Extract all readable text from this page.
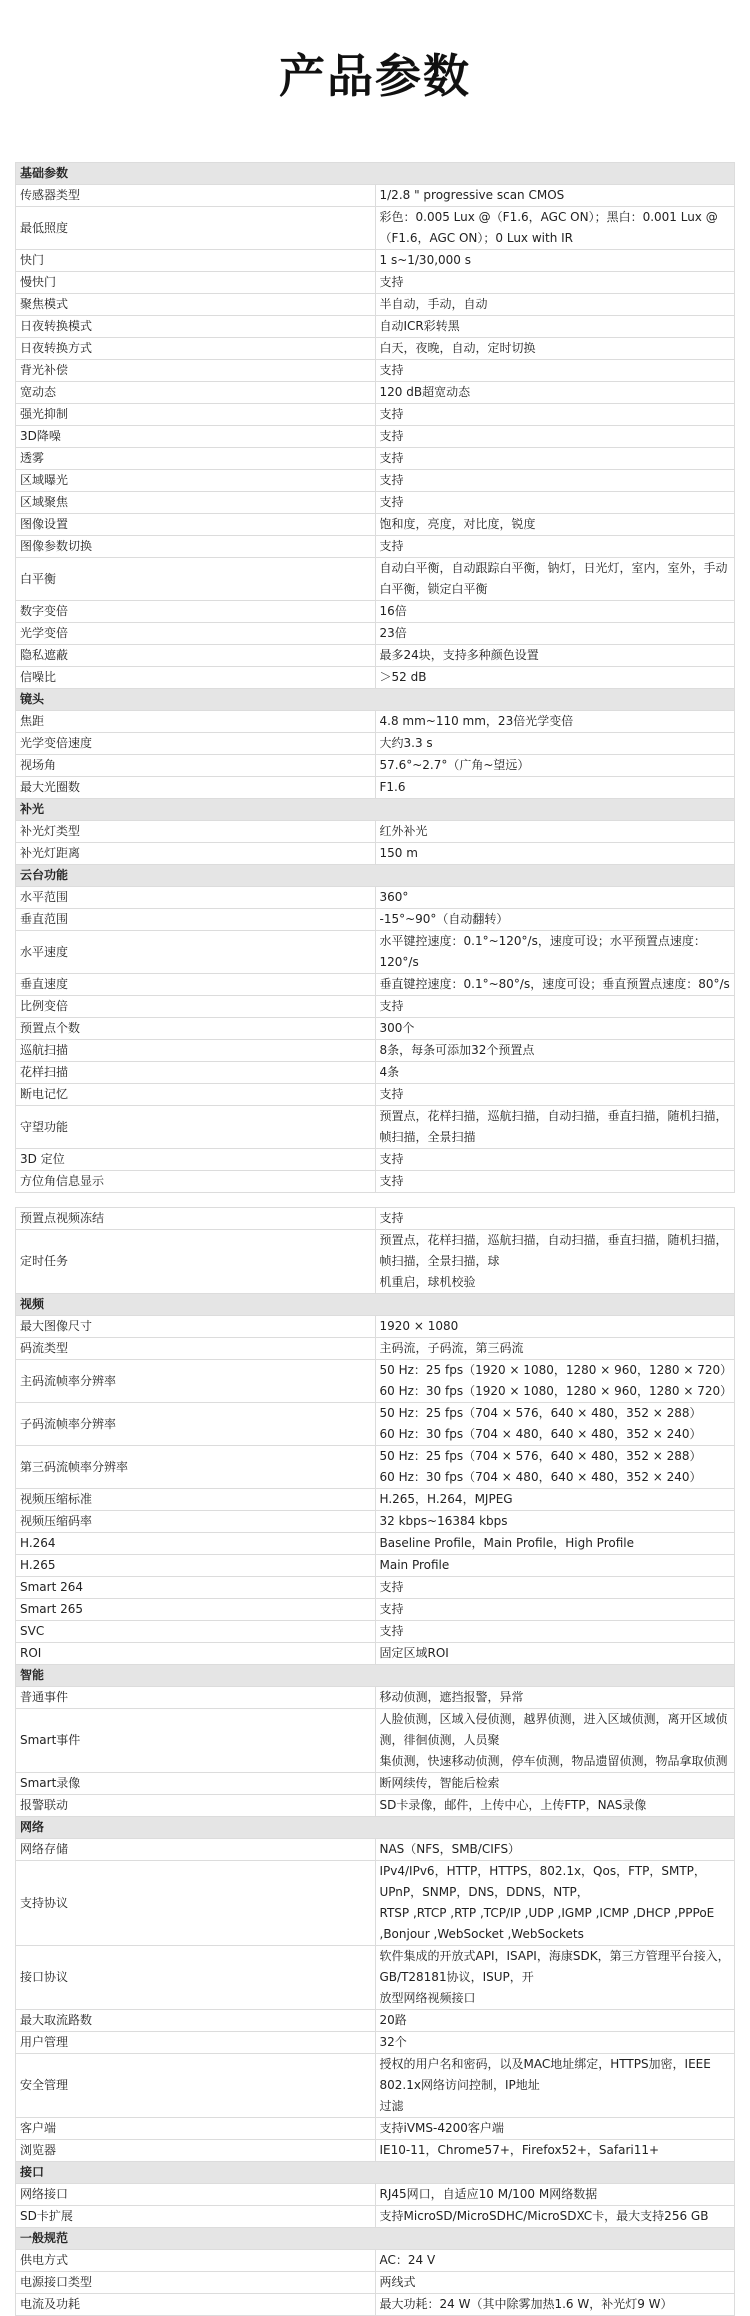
产品参数
基础参数	
传感器类型	1/2.8 " progressive scan CMOS

最低照度	彩色：0.005 Lux @（F1.6，AGC ON）；黑白：0.001 Lux @（F1.6，AGC ON）；0 Lux with IR

快门	1 s~1/30,000 s

慢快门	支持

聚焦模式	半自动，手动，自动

日夜转换模式	自动ICR彩转黑

日夜转换方式	白天，夜晚，自动，定时切换

背光补偿	支持

宽动态	120 dB超宽动态

强光抑制	支持

3D降噪	支持

透雾	支持

区域曝光	支持

区域聚焦	支持

图像设置	饱和度，亮度，对比度，锐度

图像参数切换	支持

白平衡	自动白平衡，自动跟踪白平衡，钠灯，日光灯，室内，室外，手动白平衡，锁定白平衡

数字变倍	16倍

光学变倍	23倍

隐私遮蔽	最多24块，支持多种颜色设置

信噪比	＞52 dB

镜头	
焦距	4.8 mm~110 mm，23倍光学变倍

光学变倍速度	大约3.3 s

视场角	57.6°~2.7°（广角~望远）

最大光圈数	F1.6

补光	
补光灯类型	红外补光

补光灯距离	150 m

云台功能	
水平范围	360°

垂直范围	-15°~90°（自动翻转）

水平速度	水平键控速度：0.1°~120°/s，速度可设；水平预置点速度：120°/s

垂直速度	垂直键控速度：0.1°~80°/s，速度可设；垂直预置点速度：80°/s

比例变倍	支持

预置点个数	300个

巡航扫描	8条，每条可添加32个预置点

花样扫描	4条

断电记忆	支持

守望功能	预置点，花样扫描，巡航扫描，自动扫描，垂直扫描，随机扫描，帧扫描，全景扫描

3D 定位	支持

方位角信息显示	支持

预置点视频冻结	支持

定时任务	预置点，花样扫描，巡航扫描，自动扫描，垂直扫描，随机扫描，帧扫描，全景扫描，球
机重启，球机校验

视频	
最大图像尺寸	1920 × 1080

码流类型	主码流，子码流，第三码流

主码流帧率分辨率	50 Hz：25 fps（1920 × 1080，1280 × 960，1280 × 720）
60 Hz：30 fps（1920 × 1080，1280 × 960，1280 × 720）

子码流帧率分辨率	50 Hz：25 fps（704 × 576，640 × 480，352 × 288）
60 Hz：30 fps（704 × 480，640 × 480，352 × 240）

第三码流帧率分辨率	50 Hz：25 fps（704 × 576，640 × 480，352 × 288）
60 Hz：30 fps（704 × 480，640 × 480，352 × 240）

视频压缩标准	H.265，H.264，MJPEG

视频压缩码率	32 kbps~16384 kbps

H.264	Baseline Profile，Main Profile，High Profile

H.265	Main Profile

Smart 264	支持

Smart 265	支持

SVC	支持

ROI	固定区域ROI

智能	
普通事件	移动侦测，遮挡报警，异常

Smart事件	人脸侦测，区域入侵侦测，越界侦测，进入区域侦测，离开区域侦测，徘徊侦测，人员聚
集侦测，快速移动侦测，停车侦测，物品遗留侦测，物品拿取侦测

Smart录像	断网续传，智能后检索

报警联动	SD卡录像，邮件，上传中心，上传FTP，NAS录像

网络	
网络存储	NAS（NFS，SMB/CIFS）

支持协议	IPv4/IPv6，HTTP，HTTPS，802.1x，Qos，FTP，SMTP，UPnP，SNMP，DNS，DDNS，NTP，
RTSP ,RTCP ,RTP ,TCP/IP ,UDP ,IGMP ,ICMP ,DHCP ,PPPoE ,Bonjour ,WebSocket ,WebSockets

接口协议	软件集成的开放式API，ISAPI，海康SDK，第三方管理平台接入，GB/T28181协议，ISUP，开
放型网络视频接口

最大取流路数	20路

用户管理	32个

安全管理	授权的用户名和密码，以及MAC地址绑定，HTTPS加密，IEEE 802.1x网络访问控制，IP地址
过滤

客户端	支持iVMS-4200客户端

浏览器	IE10-11，Chrome57+，Firefox52+，Safari11+

接口	
网络接口	RJ45网口，自适应10 M/100 M网络数据

SD卡扩展	支持MicroSD/MicroSDHC/MicroSDXC卡，最大支持256 GB

一般规范	
供电方式	AC：24 V

电源接口类型	两线式

电流及功耗	最大功耗：24 W（其中除雾加热1.6 W，补光灯9 W）
